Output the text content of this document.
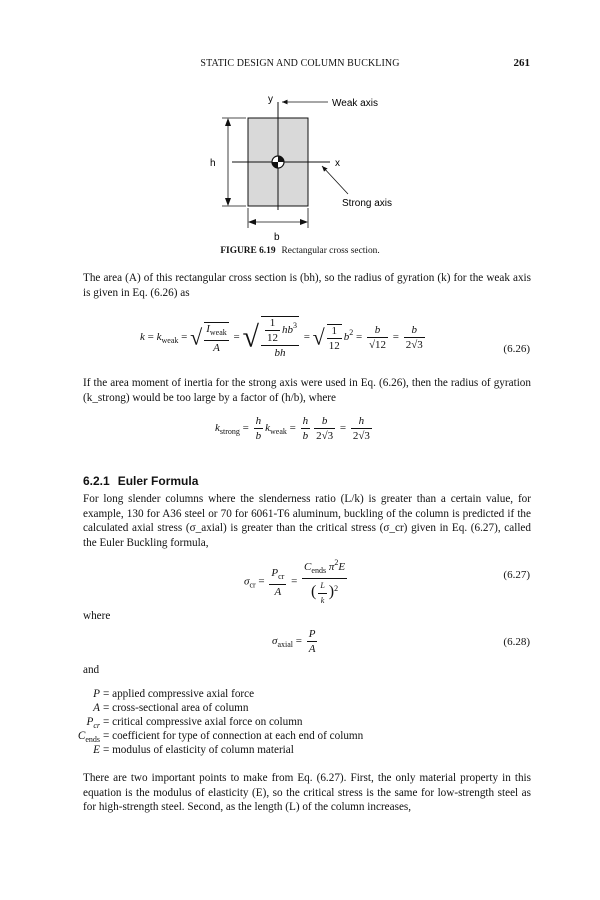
STATIC DESIGN AND COLUMN BUCKLING	261
y
x
Weak axis
Strong axis
h
b
FIGURE 6.19 Rectangular cross section.
The area (A) of this rectangular cross section is (bh), so the radius of gyration (k) for the weak axis is given in Eq. (6.26) as
$k = k_{weak}$ = √ $\frac{I_{weak}}{A}$ = √ $\frac{\frac{1}{12} hb^3}{bh}$ = √ $\frac{1}{12} b^2 = \frac{b}{√12} = \frac{b}{2√3}$	(6.26)
If the area moment of inertia for the strong axis were used in Eq. (6.26), then the radius of gyration (k_strong) would be too large by a factor of (h/b), where
$k_{strong} = \frac{h}{b} k_{weak} = \frac{h}{b} \frac{b}{2√3} = \frac{h}{2√3}$
6.2.1 Euler Formula
For long slender columns where the slenderness ratio (L/k) is greater than a certain value, for example, 130 for A36 steel or 70 for 6061-T6 aluminum, buckling of the column is predicted if the calculated axial stress (σ_axial) is greater than the critical stress (σ_cr) given in Eq. (6.27), called the Euler Buckling formula,
$\sigma_{cr} = \frac{P_{cr}}{A} = \frac{C_{ends} \pi^2E}{( \frac{L}{k} )^2}$	(6.27)
where
$\sigma_{axial} = \frac{P}{A}$	(6.28)
and
P = applied compressive axial force
A = cross-sectional area of column
$P_{cr}$ = critical compressive axial force on column
$C_{ends}$ = coefficient for type of connection at each end of column
E = modulus of elasticity of column material
There are two important points to make from Eq. (6.27). First, the only material property in this equation is the modulus of elasticity (E), so the critical stress is the same for low-strength steel as for high-strength steel. Second, as the length (L) of the column increases,
